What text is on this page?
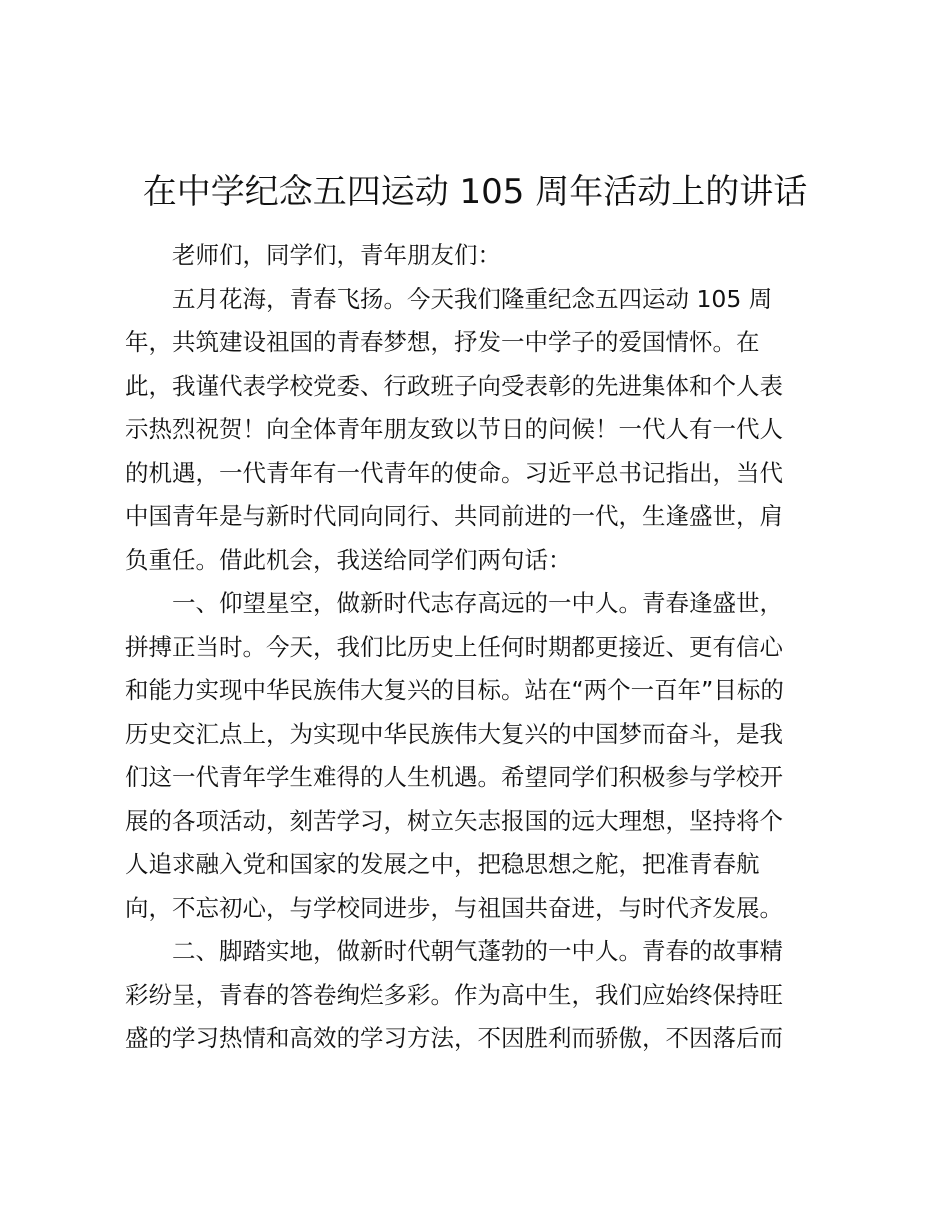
在中学纪念五四运动 105 周年活动上的讲话
老师们，同学们，青年朋友们：
五月花海，青春飞扬。今天我们隆重纪念五四运动 105 周
年，共筑建设祖国的青春梦想，抒发一中学子的爱国情怀。在
此，我谨代表学校党委、行政班子向受表彰的先进集体和个人表
示热烈祝贺！向全体青年朋友致以节日的问候！一代人有一代人
的机遇，一代青年有一代青年的使命。习近平总书记指出，当代
中国青年是与新时代同向同行、共同前进的一代，生逢盛世，肩
负重任。借此机会，我送给同学们两句话：
一、仰望星空，做新时代志存高远的一中人。青春逢盛世，
拼搏正当时。今天，我们比历史上任何时期都更接近、更有信心
和能力实现中华民族伟大复兴的目标。站在“两个一百年”目标的
历史交汇点上，为实现中华民族伟大复兴的中国梦而奋斗，是我
们这一代青年学生难得的人生机遇。希望同学们积极参与学校开
展的各项活动，刻苦学习，树立矢志报国的远大理想，坚持将个
人追求融入党和国家的发展之中，把稳思想之舵，把准青春航
向，不忘初心，与学校同进步，与祖国共奋进，与时代齐发展。
二、脚踏实地，做新时代朝气蓬勃的一中人。青春的故事精
彩纷呈，青春的答卷绚烂多彩。作为高中生，我们应始终保持旺
盛的学习热情和高效的学习方法，不因胜利而骄傲，不因落后而
